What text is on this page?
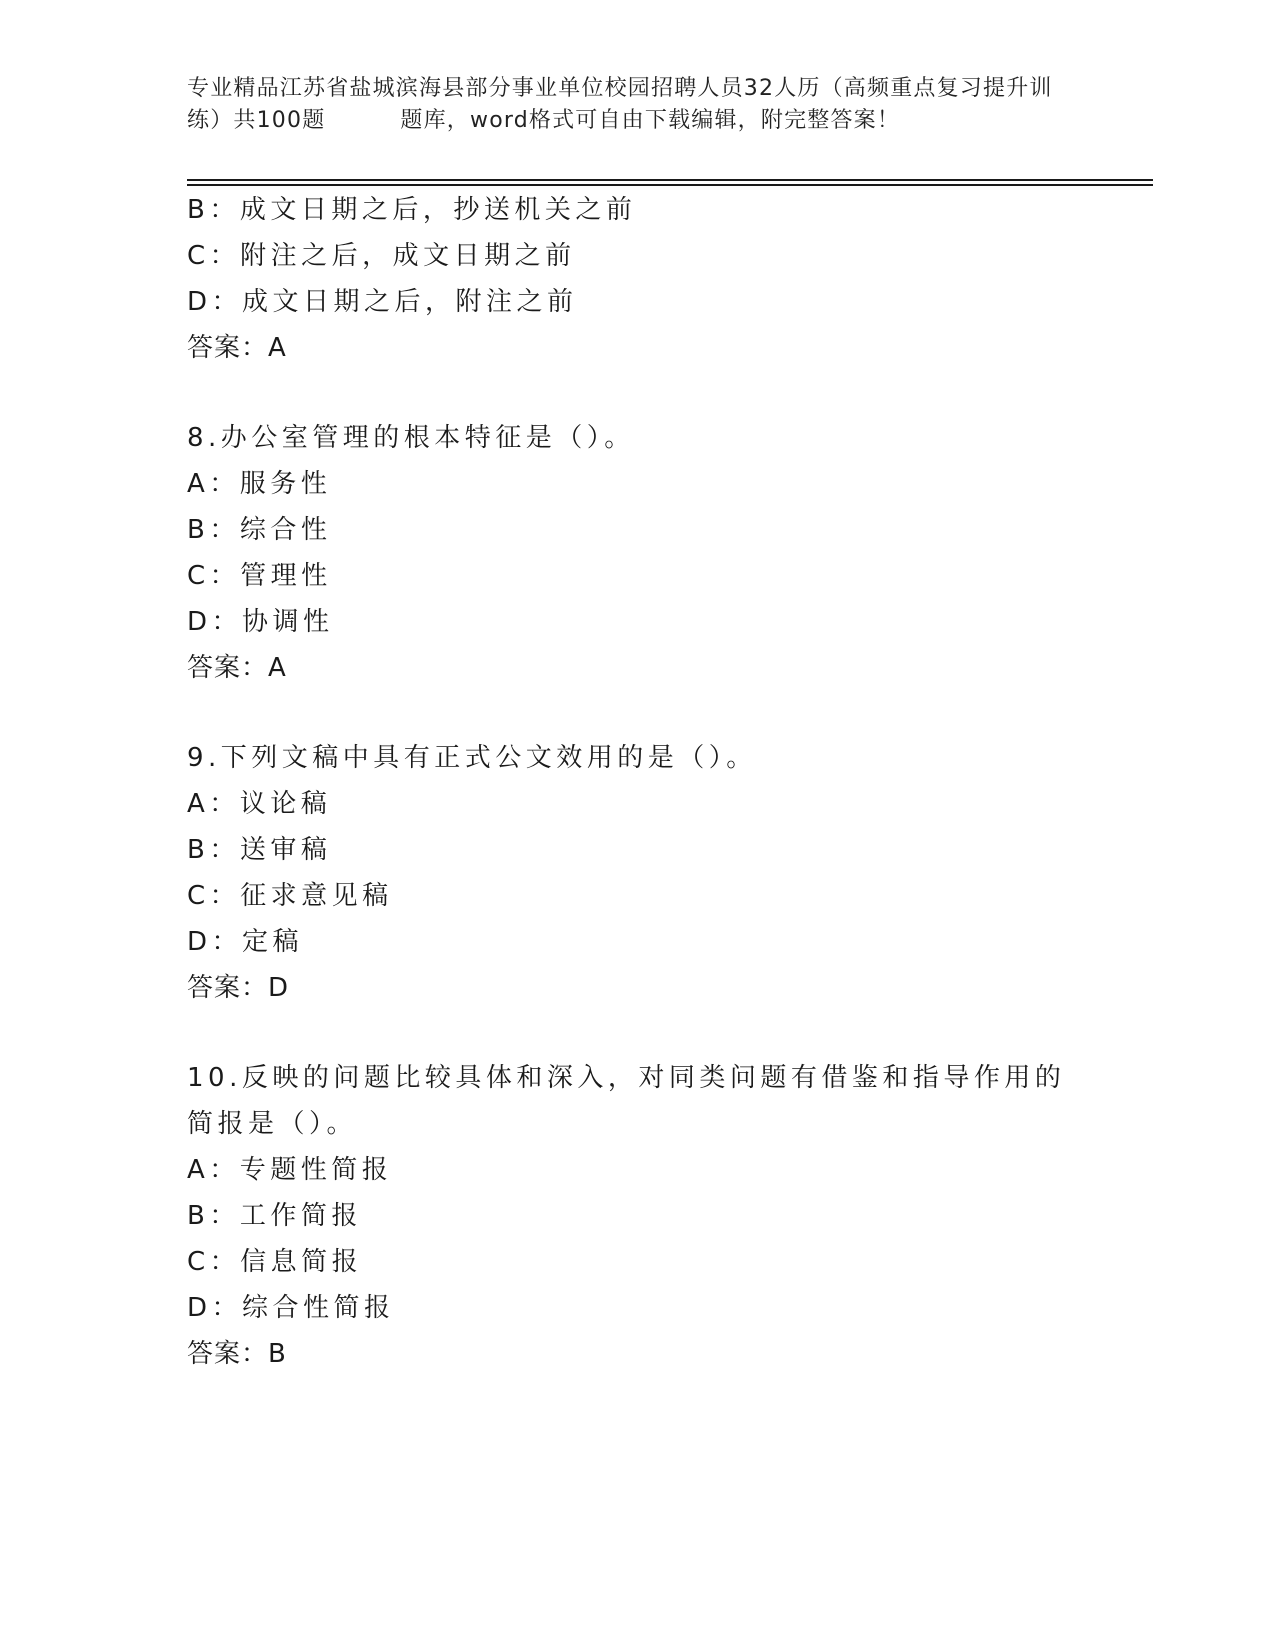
专业精品江苏省盐城滨海县部分事业单位校园招聘人员32人历（高频重点复习提升训练）共100题	题库，word格式可自由下载编辑，附完整答案！
B：成文日期之后，抄送机关之前
C：附注之后，成文日期之前
D：成文日期之后，附注之前
答案：A
8.办公室管理的根本特征是（）。
A：服务性
B：综合性
C：管理性
D：协调性
答案：A
9.下列文稿中具有正式公文效用的是（）。
A：议论稿
B：送审稿
C：征求意见稿
D：定稿
答案：D
10.反映的问题比较具体和深入，对同类问题有借鉴和指导作用的简报是（）。
A：专题性简报
B：工作简报
C：信息简报
D：综合性简报
答案：B
